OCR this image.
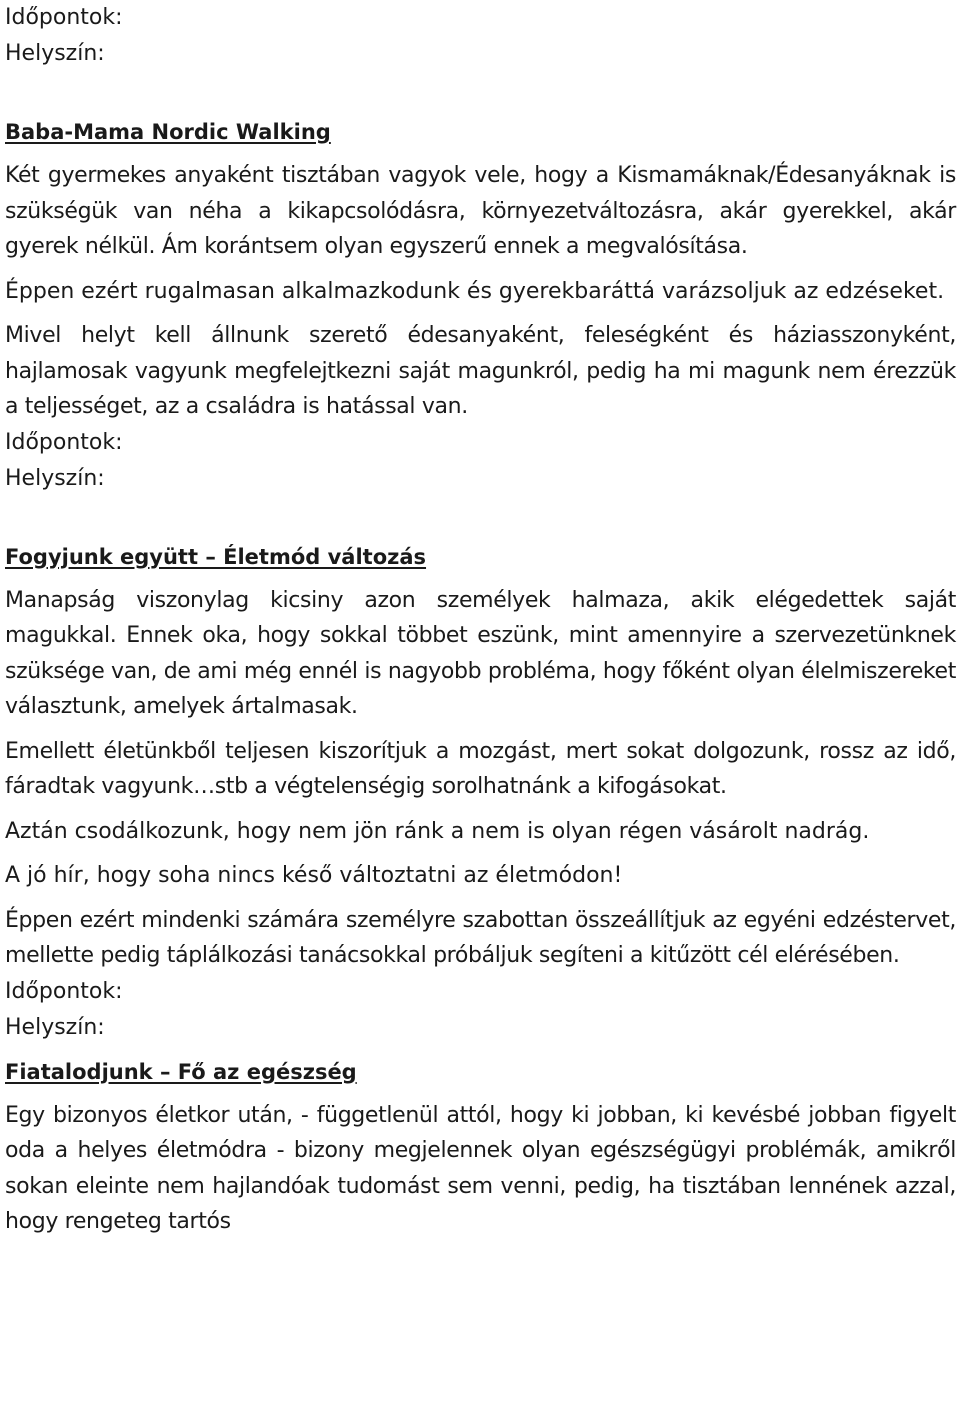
Időpontok:

Helyszín:

Baba-Mama Nordic Walking

Két gyermekes anyaként tisztában vagyok vele, hogy a Kismamáknak/Édesanyáknak is szükségük van néha a kikapcsolódásra, környezetváltozásra, akár gyerekkel, akár gyerek nélkül. Ám korántsem olyan egyszerű ennek a megvalósítása.

Éppen ezért rugalmasan alkalmazkodunk és gyerekbaráttá varázsoljuk az edzéseket.

Mivel helyt kell állnunk szerető édesanyaként, feleségként és háziasszonyként, hajlamosak vagyunk megfelejtkezni saját magunkról, pedig ha mi magunk nem érezzük a teljességet, az a családra is hatással van.

Időpontok:

Helyszín:

Fogyjunk együtt – Életmód változás

Manapság viszonylag kicsiny azon személyek halmaza, akik elégedettek saját magukkal. Ennek oka, hogy sokkal többet eszünk, mint amennyire a szervezetünknek szüksége van, de ami még ennél is nagyobb probléma, hogy főként olyan élelmiszereket választunk, amelyek ártalmasak.

Emellett életünkből teljesen kiszorítjuk a mozgást, mert sokat dolgozunk, rossz az idő, fáradtak vagyunk…stb a végtelenségig sorolhatnánk a kifogásokat.

Aztán csodálkozunk, hogy nem jön ránk a nem is olyan régen vásárolt nadrág.

A jó hír, hogy soha nincs késő változtatni az életmódon!

Éppen ezért mindenki számára személyre szabottan összeállítjuk az egyéni edzéstervet, mellette pedig táplálkozási tanácsokkal próbáljuk segíteni a kitűzött cél elérésében.

Időpontok:

Helyszín:

Fiatalodjunk – Fő az egészség

Egy bizonyos életkor után, - függetlenül attól, hogy ki jobban, ki kevésbé jobban figyelt oda a helyes életmódra - bizony megjelennek olyan egészségügyi problémák, amikről sokan eleinte nem hajlandóak tudomást sem venni, pedig, ha tisztában lennének azzal, hogy rengeteg tartós
